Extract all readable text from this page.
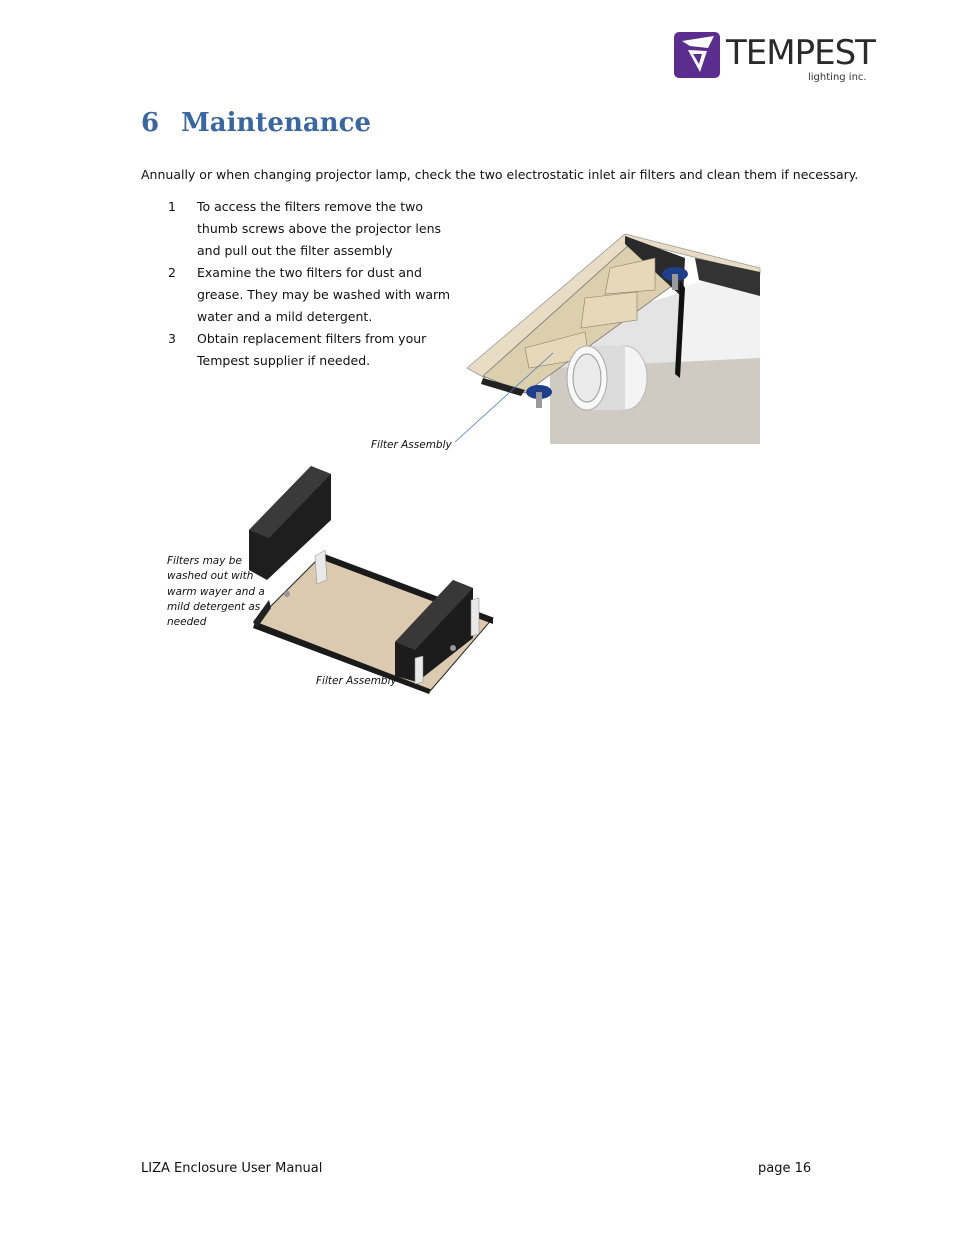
TEMPEST
lighting inc.
6 Maintenance
Annually or when changing projector lamp, check the two electrostatic inlet air filters and clean them if necessary.
1	To access the filters remove the two thumb screws above the projector lens and pull out the filter assembly
2	Examine the two filters for dust and grease. They may be washed with warm water and a mild detergent.
3	Obtain replacement filters from your Tempest supplier if needed.
Filter Assembly
Filters may be washed out with warm wayer and a mild detergent as needed
Filter Assembly
LIZA Enclosure User Manual	page 16
